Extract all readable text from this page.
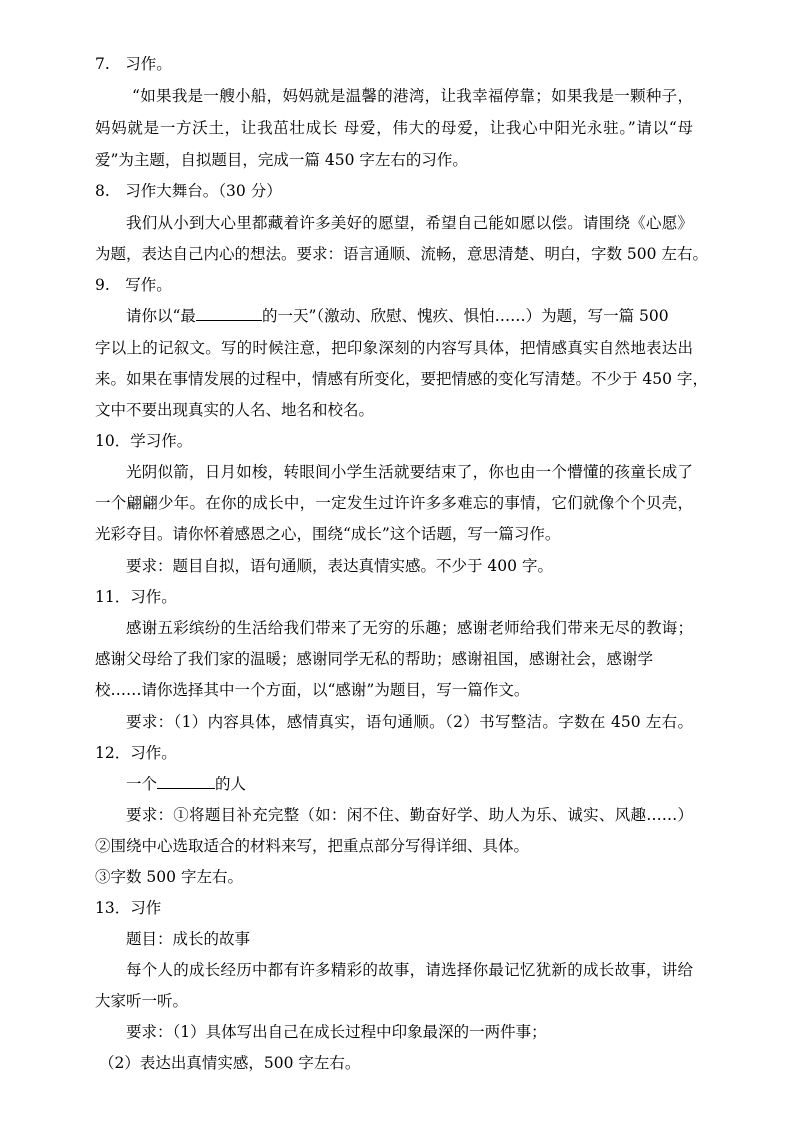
7.　习作。
“如果我是一艘小船，妈妈就是温馨的港湾，让我幸福停靠；如果我是一颗种子，
妈妈就是一方沃土，让我茁壮成长 母爱，伟大的母爱，让我心中阳光永驻。”请以“母
爱”为主题，自拟题目，完成一篇 450 字左右的习作。
8.　习作大舞台。（30 分）
我们从小到大心里都藏着许多美好的愿望，希望自己能如愿以偿。请围绕《心愿》
为题，表达自己内心的想法。要求：语言通顺、流畅，意思清楚、明白，字数 500 左右。
9.　写作。
请你以“最	的一天”（激动、欣慰、愧疚、惧怕……）为题，写一篇 500
字以上的记叙文。写的时候注意，把印象深刻的内容写具体，把情感真实自然地表达出
来。如果在事情发展的过程中，情感有所变化，要把情感的变化写清楚。不少于 450 字，
文中不要出现真实的人名、地名和校名。
10．学习作。
光阴似箭，日月如梭，转眼间小学生活就要结束了，你也由一个懵懂的孩童长成了
一个翩翩少年。在你的成长中，一定发生过许许多多难忘的事情，它们就像个个贝壳，
光彩夺目。请你怀着感恩之心，围绕“成长”这个话题，写一篇习作。
要求：题目自拟，语句通顺，表达真情实感。不少于 400 字。
11．习作。
感谢五彩缤纷的生活给我们带来了无穷的乐趣；感谢老师给我们带来无尽的教诲；
感谢父母给了我们家的温暖；感谢同学无私的帮助；感谢祖国，感谢社会，感谢学
校……请你选择其中一个方面，以“感谢”为题目，写一篇作文。
要求：（1）内容具体，感情真实，语句通顺。（2）书写整洁。字数在 450 左右。
12．习作。
一个	的人
要求：①将题目补充完整（如：闲不住、勤奋好学、助人为乐、诚实、风趣……）
②围绕中心选取适合的材料来写，把重点部分写得详细、具体。
③字数 500 字左右。
13．习作
题目：成长的故事
每个人的成长经历中都有许多精彩的故事，请选择你最记忆犹新的成长故事，讲给
大家听一听。
要求：（1）具体写出自己在成长过程中印象最深的一两件事；
（2）表达出真情实感，500 字左右。
